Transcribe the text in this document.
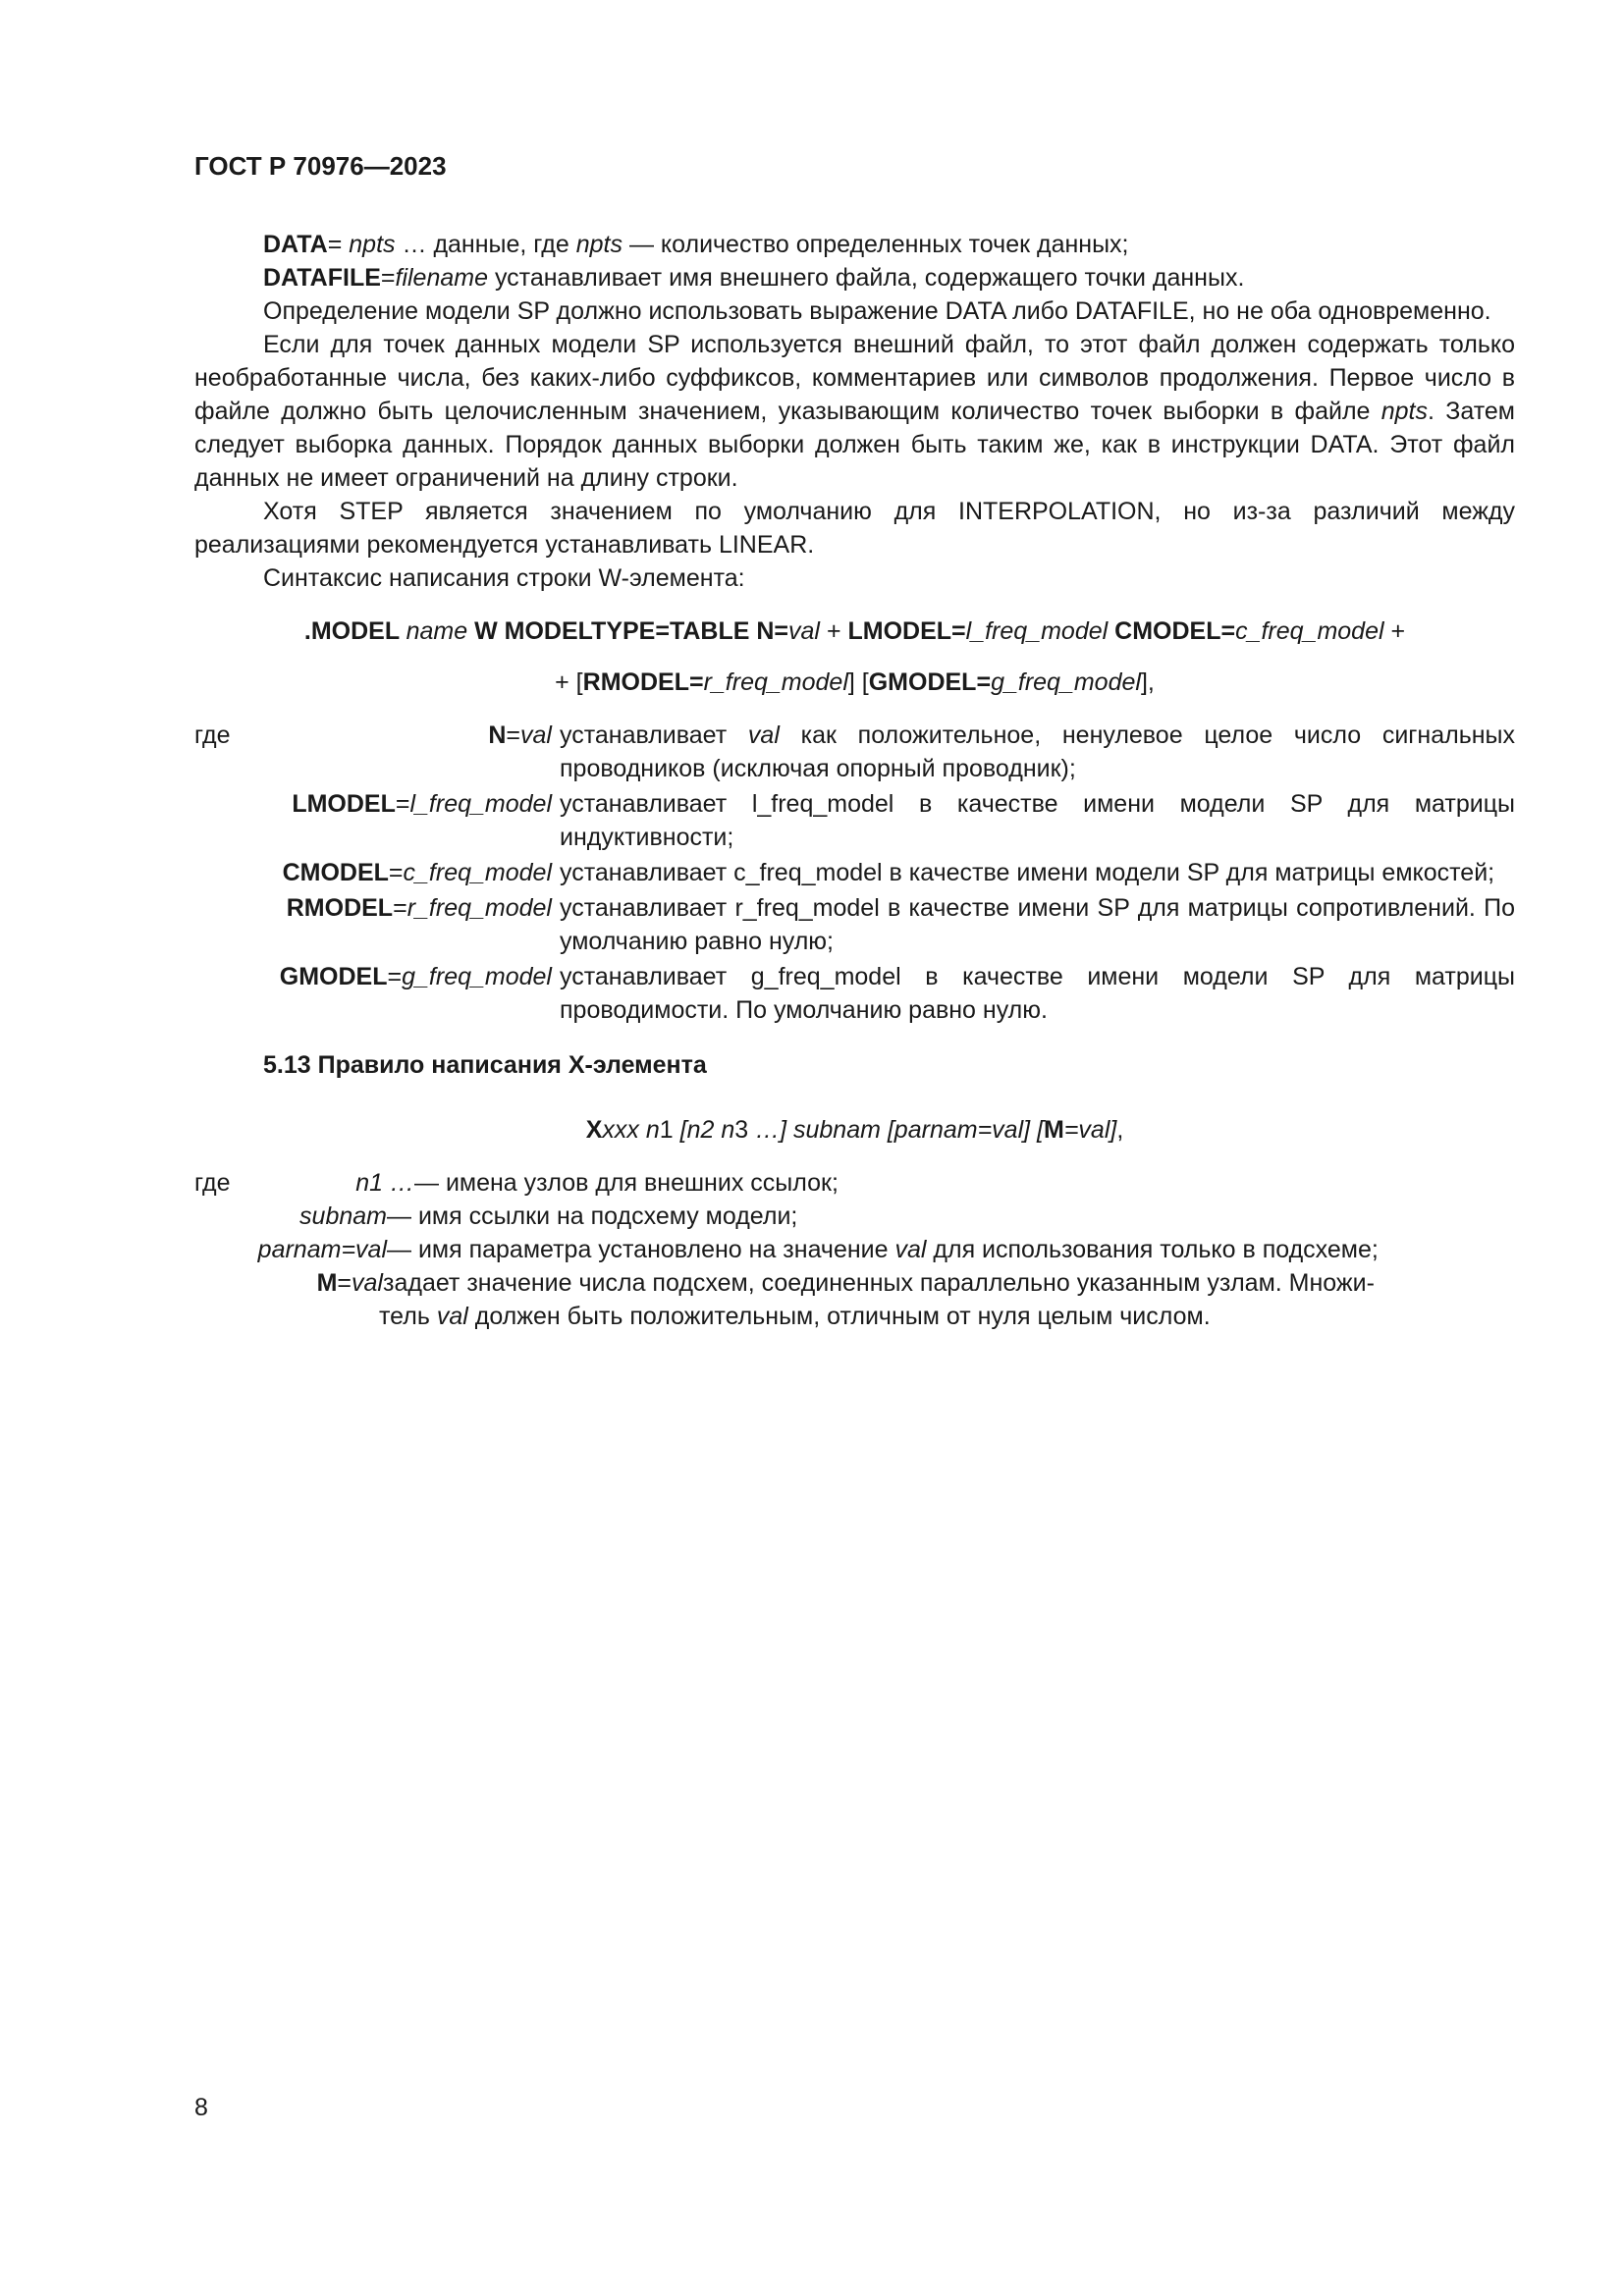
ГОСТ Р 70976—2023

DATA= npts … данные, где npts — количество определенных точек данных;

DATAFILE=filename устанавливает имя внешнего файла, содержащего точки данных.

Определение модели SP должно использовать выражение DATA либо DATAFILE, но не оба одновременно.

Если для точек данных модели SP используется внешний файл, то этот файл должен содержать только необработанные числа, без каких-либо суффиксов, комментариев или символов продолжения. Первое число в файле должно быть целочисленным значением, указывающим количество точек выборки в файле npts. Затем следует выборка данных. Порядок данных выборки должен быть таким же, как в инструкции DATA. Этот файл данных не имеет ограничений на длину строки.

Хотя STEP является значением по умолчанию для INTERPOLATION, но из-за различий между реализациями рекомендуется устанавливать LINEAR.

Синтаксис написания строки W-элемента:

.MODEL name W MODELTYPE=TABLE N=val + LMODEL=l_freq_model CMODEL=c_freq_model +
+ [RMODEL=r_freq_model] [GMODEL=g_freq_model],
где	N=val устанавливает val как положительное, ненулевое целое число сигнальных проводников (исключая опорный проводник);
LMODEL=l_freq_model устанавливает l_freq_model в качестве имени модели SP для матрицы индуктивности;
CMODEL=c_freq_model устанавливает c_freq_model в качестве имени модели SP для матрицы емкостей;
RMODEL=r_freq_model устанавливает r_freq_model в качестве имени SP для матрицы сопротивлений. По умолчанию равно нулю;
GMODEL=g_freq_model устанавливает g_freq_model в качестве имени модели SP для матрицы проводимости. По умолчанию равно нулю.
5.13 Правило написания Х-элемента
Xxxx n1 [n2 n3 …] subnam [parnam=val] [M=val],
где	n1 … — имена узлов для внешних ссылок;
subnam — имя ссылки на подсхему модели;
parnam=val — имя параметра установлено на значение val для использования только в подсхеме;
M=val задает значение числа подсхем, соединенных параллельно указанным узлам. Множи-
тель val должен быть положительным, отличным от нуля целым числом.
8
